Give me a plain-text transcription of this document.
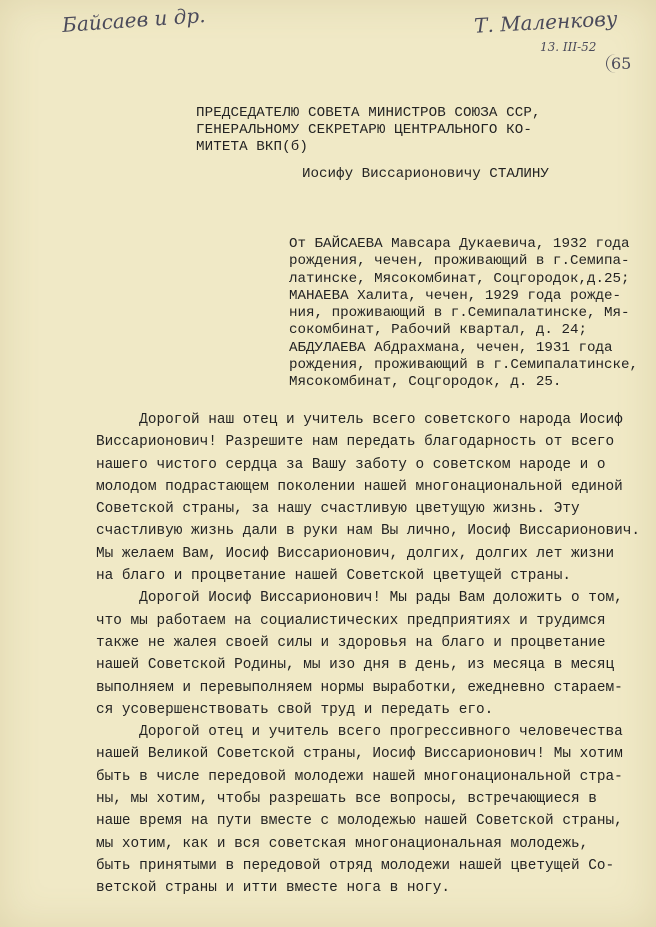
Байсаев и др.	Т. Маленкову
13. III-52
65
ПРЕДСЕДАТЕЛЮ СОВЕТА МИНИСТРОВ СОЮЗА ССР,
ГЕНЕРАЛЬНОМУ СЕКРЕТАРЮ ЦЕНТРАЛЬНОГО КО-
МИТЕТА ВКП(б)
Иосифу Виссарионовичу СТАЛИНУ
От БАЙСАЕВА Мавсара Дукаевича, 1932 года
рождения, чечен, проживающий в г.Семипа-
латинске, Мясокомбинат, Соцгородок,д.25;
МАНАЕВА Халита, чечен, 1929 года рожде-
ния, проживающий в г.Семипалатинске, Мя-
сокомбинат, Рабочий квартал, д. 24;
АБДУЛАЕВА Абдрахмана, чечен, 1931 года
рождения, проживающий в г.Семипалатинске,
Мясокомбинат, Соцгородок, д. 25.
Дорогой наш отец и учитель всего советского народа Иосиф
Виссарионович! Разрешите нам передать благодарность от всего
нашего чистого сердца за Вашу заботу о советском народе и о
молодом подрастающем поколении нашей многонациональной единой
Советской страны, за нашу счастливую цветущую жизнь. Эту
счастливую жизнь дали в руки нам Вы лично, Иосиф Виссарионович.
Мы желаем Вам, Иосиф Виссарионович, долгих, долгих лет жизни
на благо и процветание нашей Советской цветущей страны.
Дорогой Иосиф Виссарионович! Мы рады Вам доложить о том,
что мы работаем на социалистических предприятиях и трудимся
также не жалея своей силы и здоровья на благо и процветание
нашей Советской Родины, мы изо дня в день, из месяца в месяц
выполняем и перевыполняем нормы выработки, ежедневно стараем-
ся усовершенствовать свой труд и передать его.
Дорогой отец и учитель всего прогрессивного человечества
нашей Великой Советской страны, Иосиф Виссарионович! Мы хотим
быть в числе передовой молодежи нашей многонациональной стра-
ны, мы хотим, чтобы разрешать все вопросы, встречающиеся в
наше время на пути вместе с молодежью нашей Советской страны,
мы хотим, как и вся советская многонациональная молодежь,
быть принятыми в передовой отряд молодежи нашей цветущей Со-
ветской страны и итти вместе нога в ногу.
